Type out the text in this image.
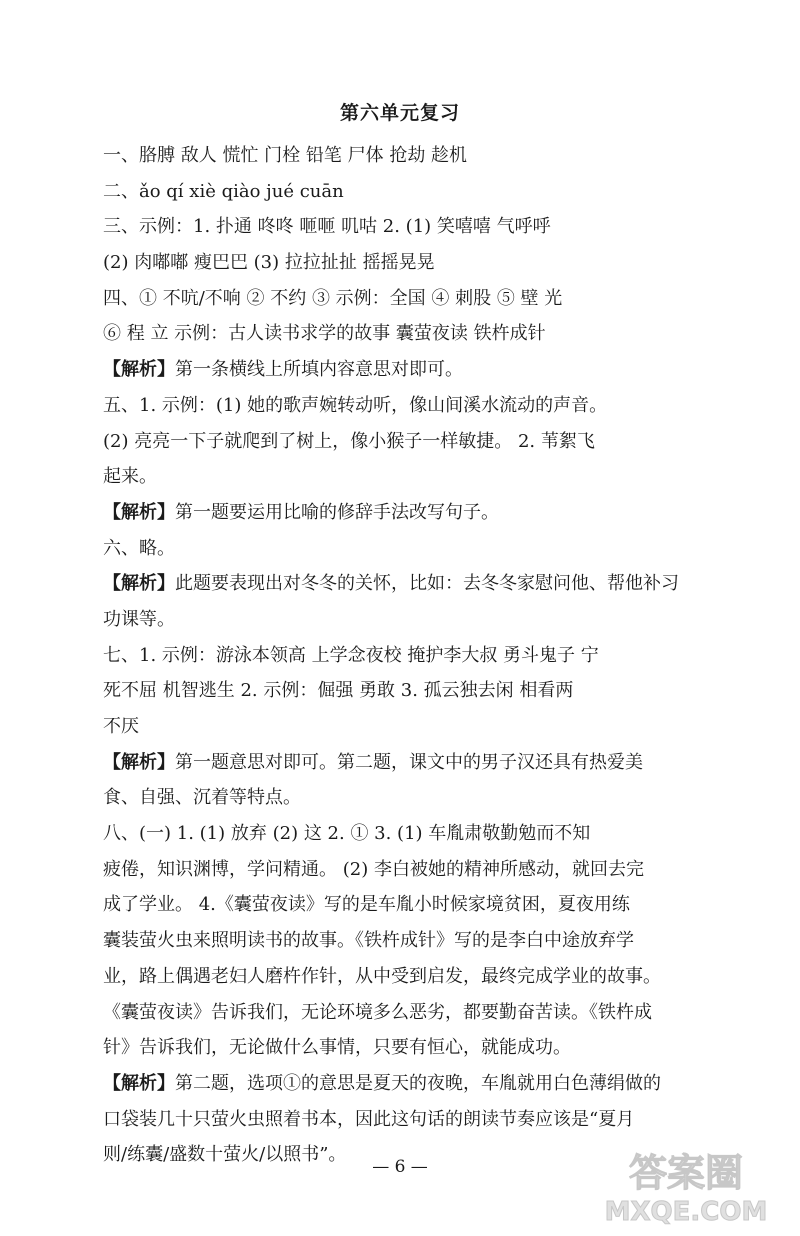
第六单元复习
一、胳膊 敌人 慌忙 门栓 铅笔 尸体 抢劫 趁机
二、ǎo qí xiè qiào jué cuān
三、示例：1. 扑通 咚咚 咂咂 叽咕 2. (1) 笑嘻嘻 气呼呼
(2) 肉嘟嘟 瘦巴巴 (3) 拉拉扯扯 摇摇晃晃
四、① 不吭/不响 ② 不约 ③ 示例：全国 ④ 刺股 ⑤ 壁 光
⑥ 程 立 示例：古人读书求学的故事 囊萤夜读 铁杵成针
【解析】第一条横线上所填内容意思对即可。
五、1. 示例：(1) 她的歌声婉转动听，像山间溪水流动的声音。
(2) 亮亮一下子就爬到了树上，像小猴子一样敏捷。 2. 苇絮飞
起来。
【解析】第一题要运用比喻的修辞手法改写句子。
六、略。
【解析】此题要表现出对冬冬的关怀，比如：去冬冬家慰问他、帮他补习
功课等。
七、1. 示例：游泳本领高 上学念夜校 掩护李大叔 勇斗鬼子 宁
死不屈 机智逃生 2. 示例：倔强 勇敢 3. 孤云独去闲 相看两
不厌
【解析】第一题意思对即可。第二题，课文中的男子汉还具有热爱美
食、自强、沉着等特点。
八、(一) 1. (1) 放弃 (2) 这 2. ① 3. (1) 车胤肃敬勤勉而不知
疲倦，知识渊博，学问精通。 (2) 李白被她的精神所感动，就回去完
成了学业。 4.《囊萤夜读》写的是车胤小时候家境贫困，夏夜用练
囊装萤火虫来照明读书的故事。《铁杵成针》写的是李白中途放弃学
业，路上偶遇老妇人磨杵作针，从中受到启发，最终完成学业的故事。
《囊萤夜读》告诉我们，无论环境多么恶劣，都要勤奋苦读。《铁杵成
针》告诉我们，无论做什么事情，只要有恒心，就能成功。
【解析】第二题，选项①的意思是夏天的夜晚，车胤就用白色薄绢做的
口袋装几十只萤火虫照着书本，因此这句话的朗读节奏应该是“夏月
则/练囊/盛数十萤火/以照书”。
— 6 —	答案圈
MXQE.COM
